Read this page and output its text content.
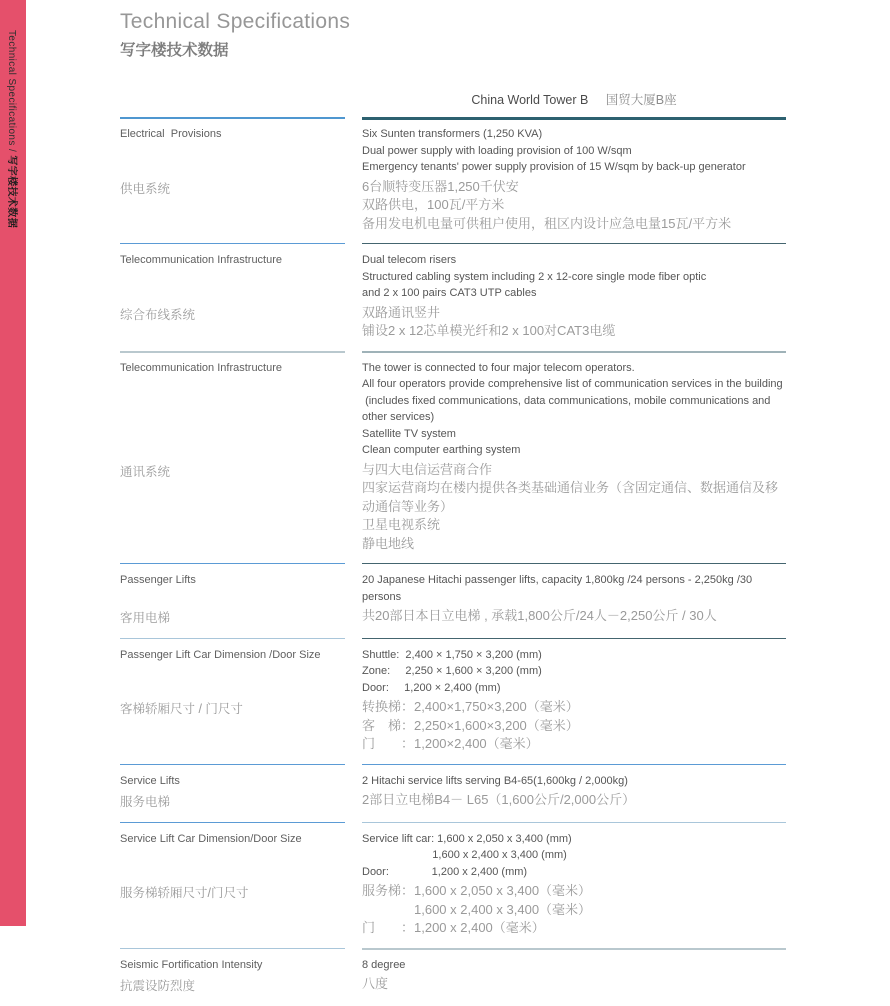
Technical Specifications / 写字楼技术数据
Technical Specifications
写字楼技术数据
China World Tower B 国贸大厦B座
Electrical  Provisions	Six Sunten transformers (1,250 KVA)
Dual power supply with loading provision of 100 W/sqm
Emergency tenants' power supply provision of 15 W/sqm by back-up generator
供电系统	6台顺特变压器1,250千伏安
双路供电，100瓦/平方米
备用发电机电量可供租户使用，租区内设计应急电量15瓦/平方米
Telecommunication Infrastructure	Dual telecom risers
Structured cabling system including 2 x 12-core single mode fiber optic
and 2 x 100 pairs CAT3 UTP cables
综合布线系统	双路通讯竖井
铺设2 x 12芯单模光纤和2 x 100对CAT3电缆
Telecommunication Infrastructure	The tower is connected to four major telecom operators.
All four operators provide comprehensive list of communication services in the building
(includes fixed communications, data communications, mobile communications and other services)
Satellite TV system
Clean computer earthing system
通讯系统	与四大电信运营商合作
四家运营商均在楼内提供各类基础通信业务（含固定通信、数据通信及移动通信等业务）
卫星电视系统
静电地线
Passenger Lifts	20 Japanese Hitachi passenger lifts, capacity 1,800kg /24 persons - 2,250kg /30 persons
客用电梯	共20部日本日立电梯 , 承载1,800公斤/24人－2,250公斤 / 30人
Passenger Lift Car Dimension /Door Size	Shuttle:  2,400 × 1,750 × 3,200 (mm)
Zone:     2,250 × 1,600 × 3,200 (mm)
Door:     1,200 × 2,400 (mm)
客梯轿厢尺寸 / 门尺寸	转换梯：2,400×1,750×3,200（毫米）
客　梯：2,250×1,600×3,200（毫米）
门　　：1,200×2,400（毫米）
Service Lifts	2 Hitachi service lifts serving B4-65(1,600kg / 2,000kg)
服务电梯	2部日立电梯B4－ L65（1,600公斤/2,000公斤）
Service Lift Car Dimension/Door Size	Service lift car: 1,600 x 2,050 x 3,400 (mm)
1,600 x 2,400 x 3,400 (mm)
Door:              1,200 x 2,400 (mm)
服务梯轿厢尺寸/门尺寸	服务梯：1,600 x 2,050 x 3,400（毫米）
　　　　1,600 x 2,400 x 3,400（毫米）
门　　：1,200 x 2,400（毫米）
Seismic Fortification Intensity	8 degree
抗震设防烈度	八度
